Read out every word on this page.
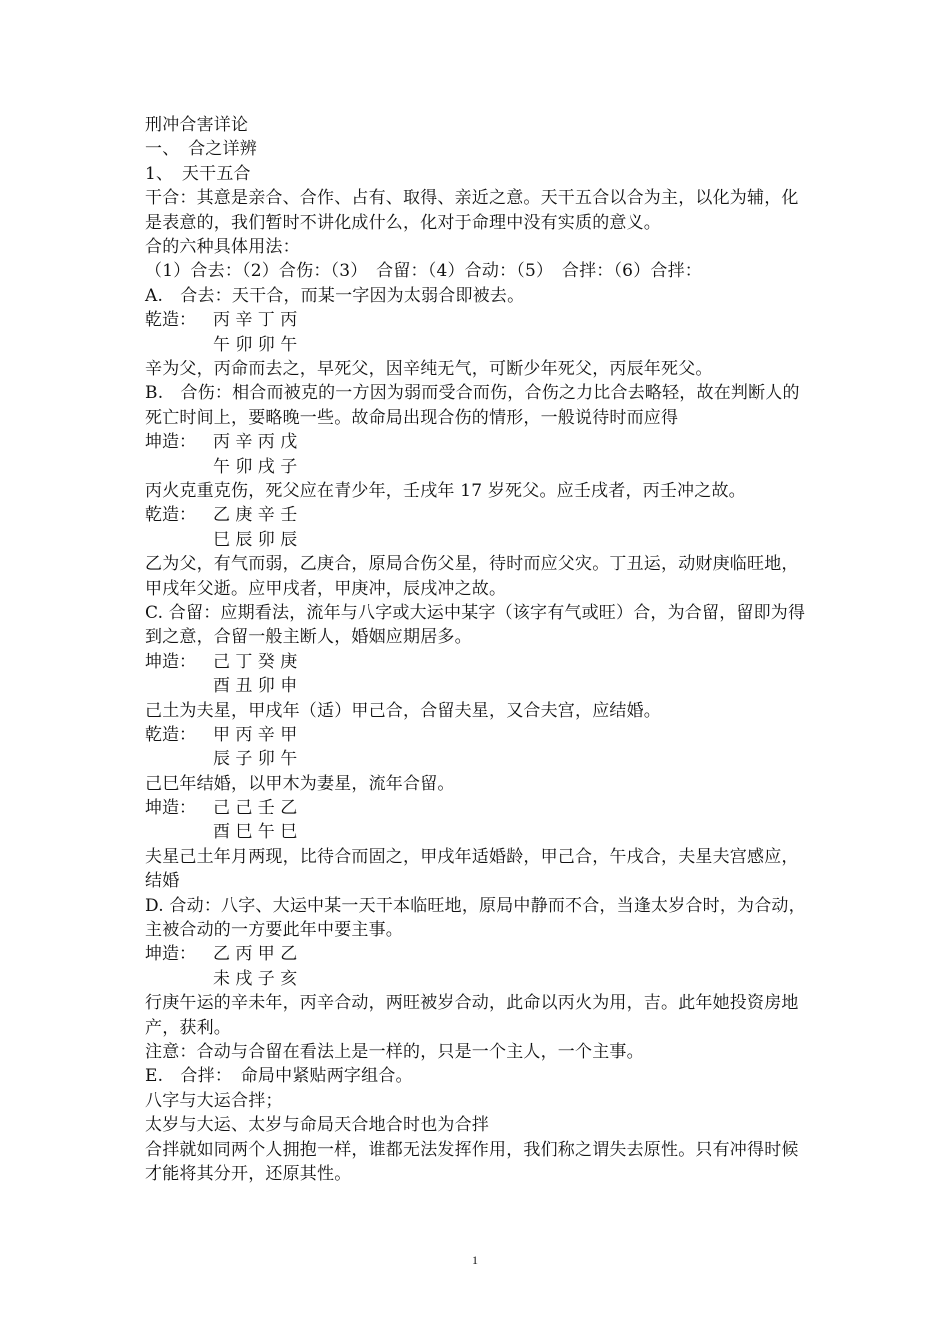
刑冲合害详论
一、　合之详辨
1、　天干五合
干合：其意是亲合、合作、占有、取得、亲近之意。天干五合以合为主，以化为辅，化是表意的，我们暂时不讲化成什么，化对于命理中没有实质的意义。
合的六种具体用法：
（1）合去：（2）合伤：（3）　合留：（4）合动：（5）　合拌：（6）合拌：
A.　合去：天干合，而某一字因为太弱合即被去。
乾造： 丙 辛 丁 丙
午 卯 卯 午
辛为父，丙命而去之，早死父，因辛纯无气，可断少年死父，丙辰年死父。
B.　合伤：相合而被克的一方因为弱而受合而伤，合伤之力比合去略轻，故在判断人的死亡时间上，要略晚一些。故命局出现合伤的情形，一般说待时而应得
坤造： 丙 辛 丙 戊
午 卯 戌 子
丙火克重克伤，死父应在青少年，壬戌年 17 岁死父。应壬戌者，丙壬冲之故。
乾造： 乙 庚 辛 壬
巳 辰 卯 辰
乙为父，有气而弱，乙庚合，原局合伤父星，待时而应父灾。丁丑运，动财庚临旺地，甲戌年父逝。应甲戌者，甲庚冲，辰戌冲之故。
C. 合留：应期看法，流年与八字或大运中某字（该字有气或旺）合，为合留，留即为得到之意，合留一般主断人，婚姻应期居多。
坤造： 己 丁 癸 庚
酉 丑 卯 申
己土为夫星，甲戌年（适）甲己合，合留夫星，又合夫宫，应结婚。
乾造： 甲 丙 辛 甲
辰 子 卯 午
己巳年结婚，以甲木为妻星，流年合留。
坤造： 己 己 壬 乙
酉 巳 午 巳
夫星己土年月两现，比待合而固之，甲戌年适婚龄，甲己合，午戌合，夫星夫宫感应，结婚
D. 合动：八字、大运中某一天干本临旺地，原局中静而不合，当逢太岁合时，为合动，主被合动的一方要此年中要主事。
坤造： 乙 丙 甲 乙
未 戌 子 亥
行庚午运的辛未年，丙辛合动，两旺被岁合动，此命以丙火为用，吉。此年她投资房地产，获利。
注意：合动与合留在看法上是一样的，只是一个主人，一个主事。
E.　合拌：　命局中紧贴两字组合。
八字与大运合拌；
太岁与大运、太岁与命局天合地合时也为合拌
合拌就如同两个人拥抱一样，谁都无法发挥作用，我们称之谓失去原性。只有冲得时候才能将其分开，还原其性。
1
